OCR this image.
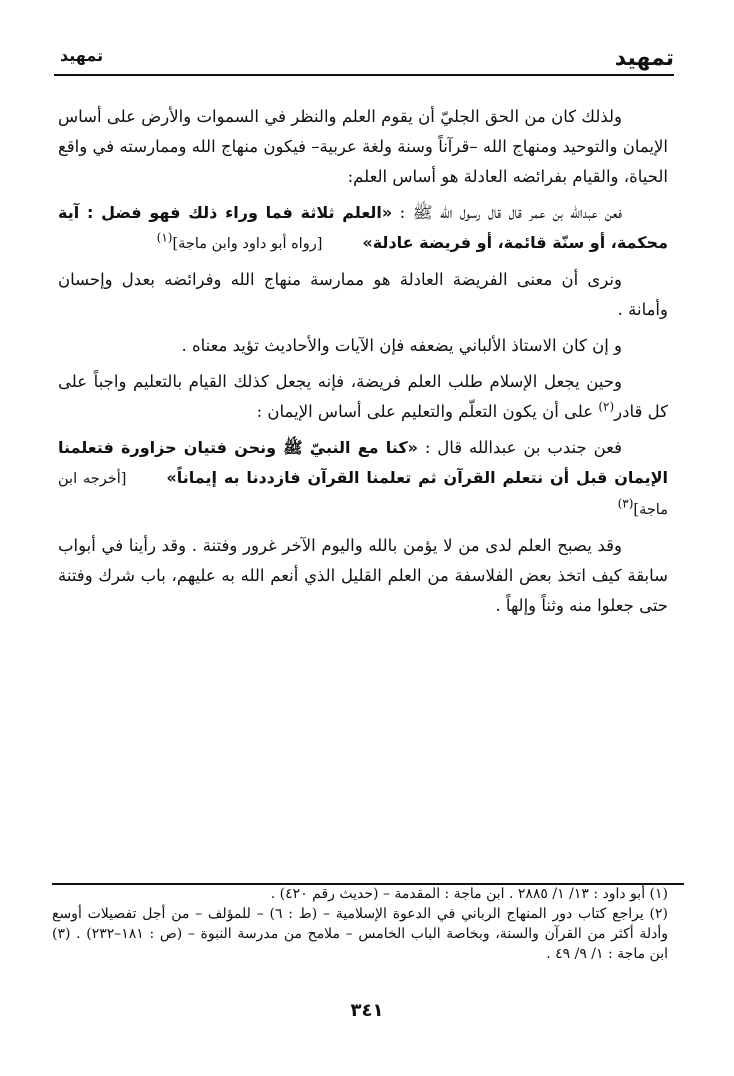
تمهيد
تمهيد

ولذلك كان من الحق الجليّ أن يقوم العلم والنظر في السموات والأرض على أساس الإيمان والتوحيد ومنهاج الله –قرآناً وسنة ولغة عربية– فيكون منهاج الله وممارسته في واقع الحياة، والقيام بفرائضه العادلة هو أساس العلم:

فعن عبدالله بن عمر قال قال رسول الله ﷺ : «العلم ثلاثة فما وراء ذلك فهو فضل : آية محكمة، أو سنّة قائمة، أو فريضة عادلة»[رواه أبو داود وابن ماجة]$^{(١)}$

ونرى أن معنى الفريضة العادلة هو ممارسة منهاج الله وفرائضه بعدل وإحسان وأمانة .

و إن كان الاستاذ الألباني يضعفه فإن الآيات والأحاديث تؤيد معناه .

وحين يجعل الإسلام طلب العلم فريضة، فإنه يجعل كذلك القيام بالتعليم واجباً على كل قادر$^{(٢)}$ على أن يكون التعلّم والتعليم على أساس الإيمان :

فعن جندب بن عبدالله قال : «كنا مع النبيّ ﷺ ونحن فتيان حزاورة فتعلمنا الإيمان قبل أن نتعلم القرآن ثم تعلمنا القرآن فازددنا به إيماناً»[أخرجه ابن ماجة]$^{(٣)}$

وقد يصبح العلم لدى من لا يؤمن بالله واليوم الآخر غرور وفتنة . وقد رأينا في أبواب سابقة كيف اتخذ بعض الفلاسفة من العلم القليل الذي أنعم الله به عليهم، باب شرك وفتنة حتى جعلوا منه وثناً وإلهاً .

(١) أبو داود : ١٣/ ١/ ٢٨٨٥ . ابن ماجة : المقدمة – (حديث رقم ٤٢٠) .

(٢) يراجع كتاب دور المنهاج الرباني في الدعوة الإسلامية – (ط : ٦) – للمؤلف – من أجل تفصيلات أوسع وأدلة أكثر من القرآن والسنة، وبخاصة الباب الخامس – ملامح من مدرسة النبوة – (ص : ١٨١–٢٣٢) . (٣) ابن ماجة : ١/ ٩/ ٤٩ .

٣٤١
